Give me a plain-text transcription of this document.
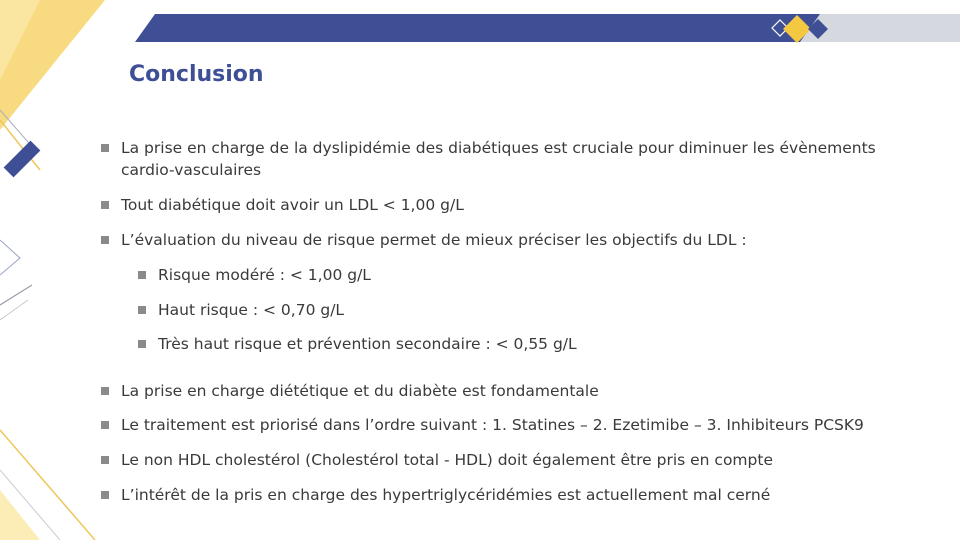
Conclusion
La prise en charge de la dyslipidémie des diabétiques est cruciale pour diminuer les évènements cardio-vasculaires
Tout diabétique doit avoir un LDL < 1,00 g/L
L’évaluation du niveau de risque permet de mieux préciser les objectifs du LDL :
Risque modéré : < 1,00 g/L
Haut risque : < 0,70 g/L
Très haut risque et prévention secondaire : < 0,55 g/L
La prise en charge diététique et du diabète est fondamentale
Le traitement est priorisé dans l’ordre suivant : 1. Statines – 2. Ezetimibe – 3. Inhibiteurs PCSK9
Le non HDL cholestérol (Cholestérol total - HDL) doit également être pris en compte
L’intérêt de la pris en charge des hypertriglycéridémies est actuellement mal cerné
